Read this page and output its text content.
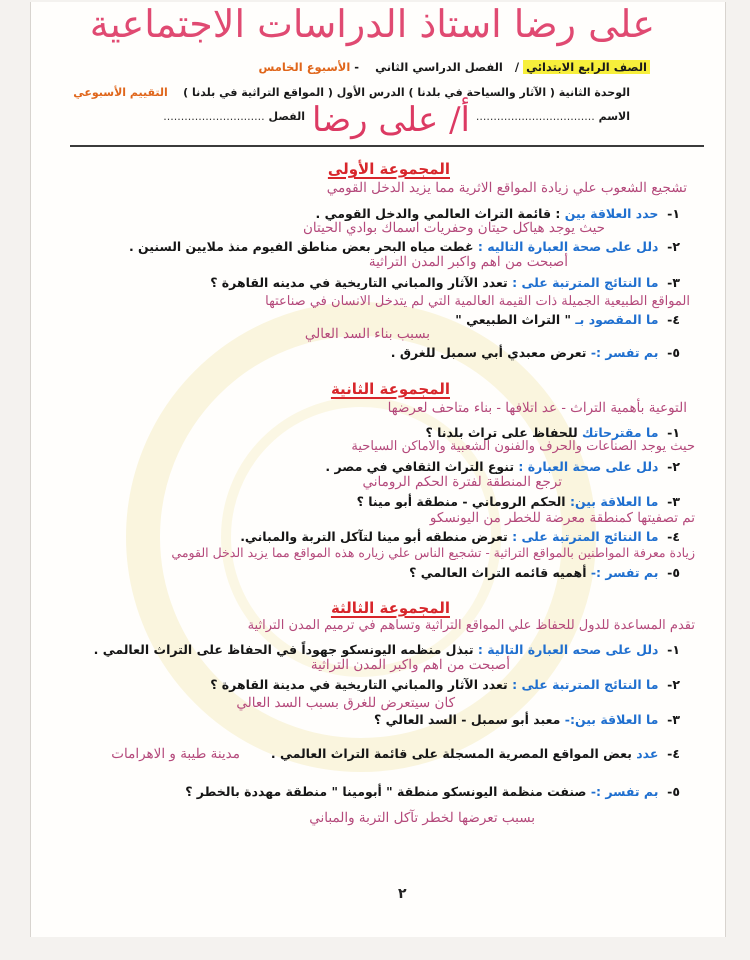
على رضا استاذ الدراسات الاجتماعية
الصف الرابع الابتدائي /   الفصل الدراسي الثاني    - الأسبوع الخامس
الوحدة الثانية ( الآثار والسياحة في بلدنا ) الدرس الأول ( المواقع التراثية في بلدنا )    التقييم الأسبوعي
الاسم ..................................
الفصل .............................	أ/ على رضا
المجموعة الأولى
تشجيع الشعوب علي زيادة المواقع الاثرية مما يزيد الدخل القومي
١-  حدد العلاقة بين : قائمة التراث العالمي والدخل القومي .
حيث يوجد هياكل حيتان وحفريات اسماك بوادي الحيتان
٢-  دلل على صحة العبارة التاليه : غطت مياه البحر بعض مناطق الفيوم منذ ملايين السنين .
أصبحت من اهم واكبر المدن التراثية
٣-  ما النتائج المترتبة على : تعدد الآثار والمباني التاريخية في مدينه القاهرة ؟
المواقع الطبيعية الجميلة ذات القيمة العالمية التي لم يتدخل الانسان في صناعتها
٤-  ما المقصود بـ " التراث الطبيعي "
بسبب بناء السد العالي
٥-  بم تفسر :- تعرض معبدي أبي سمبل للغرق .
المجموعة الثانية
التوعية بأهمية التراث - عد اتلافها - بناء متاحف لعرضها
١-  ما مقترحاتك للحفاظ على تراث بلدنا ؟
حيث يوجد الصناعات والحرف والفنون الشعبية والاماكن السياحية
٢-  دلل على صحة العبارة : تنوع التراث الثقافي في مصر .
ترجع المنطقة لفترة الحكم الروماني
٣-  ما العلاقة بين: الحكم الروماني - منطقة أبو مينا ؟
تم تصفيتها كمنطقة معرضة للخطر من اليونسكو
٤-  ما النتائج المترتبة على : تعرض منطقه أبو مينا لتآكل التربة والمباني.
زيادة معرفة المواطنين بالمواقع التراثية - تشجيع الناس علي زياره هذه المواقع مما يزيد الدخل القومي
٥-  بم تفسر :- أهميه قائمه التراث العالمي ؟
المجموعة الثالثة
تقدم المساعدة للدول للحفاظ علي المواقع التراثية وتساهم في ترميم المدن التراثية
١-  دلل على صحه العبارة التالية : تبذل منظمه اليونسكو جهوداً في الحفاظ على التراث العالمي .
أصبحت من اهم واكبر المدن التراثية
٢-  ما النتائج المترتبة على : تعدد الآثار والمباني التاريخية في مدينة القاهرة ؟
كان سيتعرض للغرق بسبب السد العالي
٣-  ما العلاقة بين:- معبد أبو سمبل - السد العالي ؟
٤-  عدد بعض المواقع المصرية المسجلة على قائمة التراث العالمي .
مدينة طيبة و الاهرامات
٥-  بم تفسر :- صنفت منظمة اليونسكو منطقة " أبومينا " منطقة مهددة بالخطر ؟
بسبب تعرضها لخطر تآكل التربة والمباني
٢
